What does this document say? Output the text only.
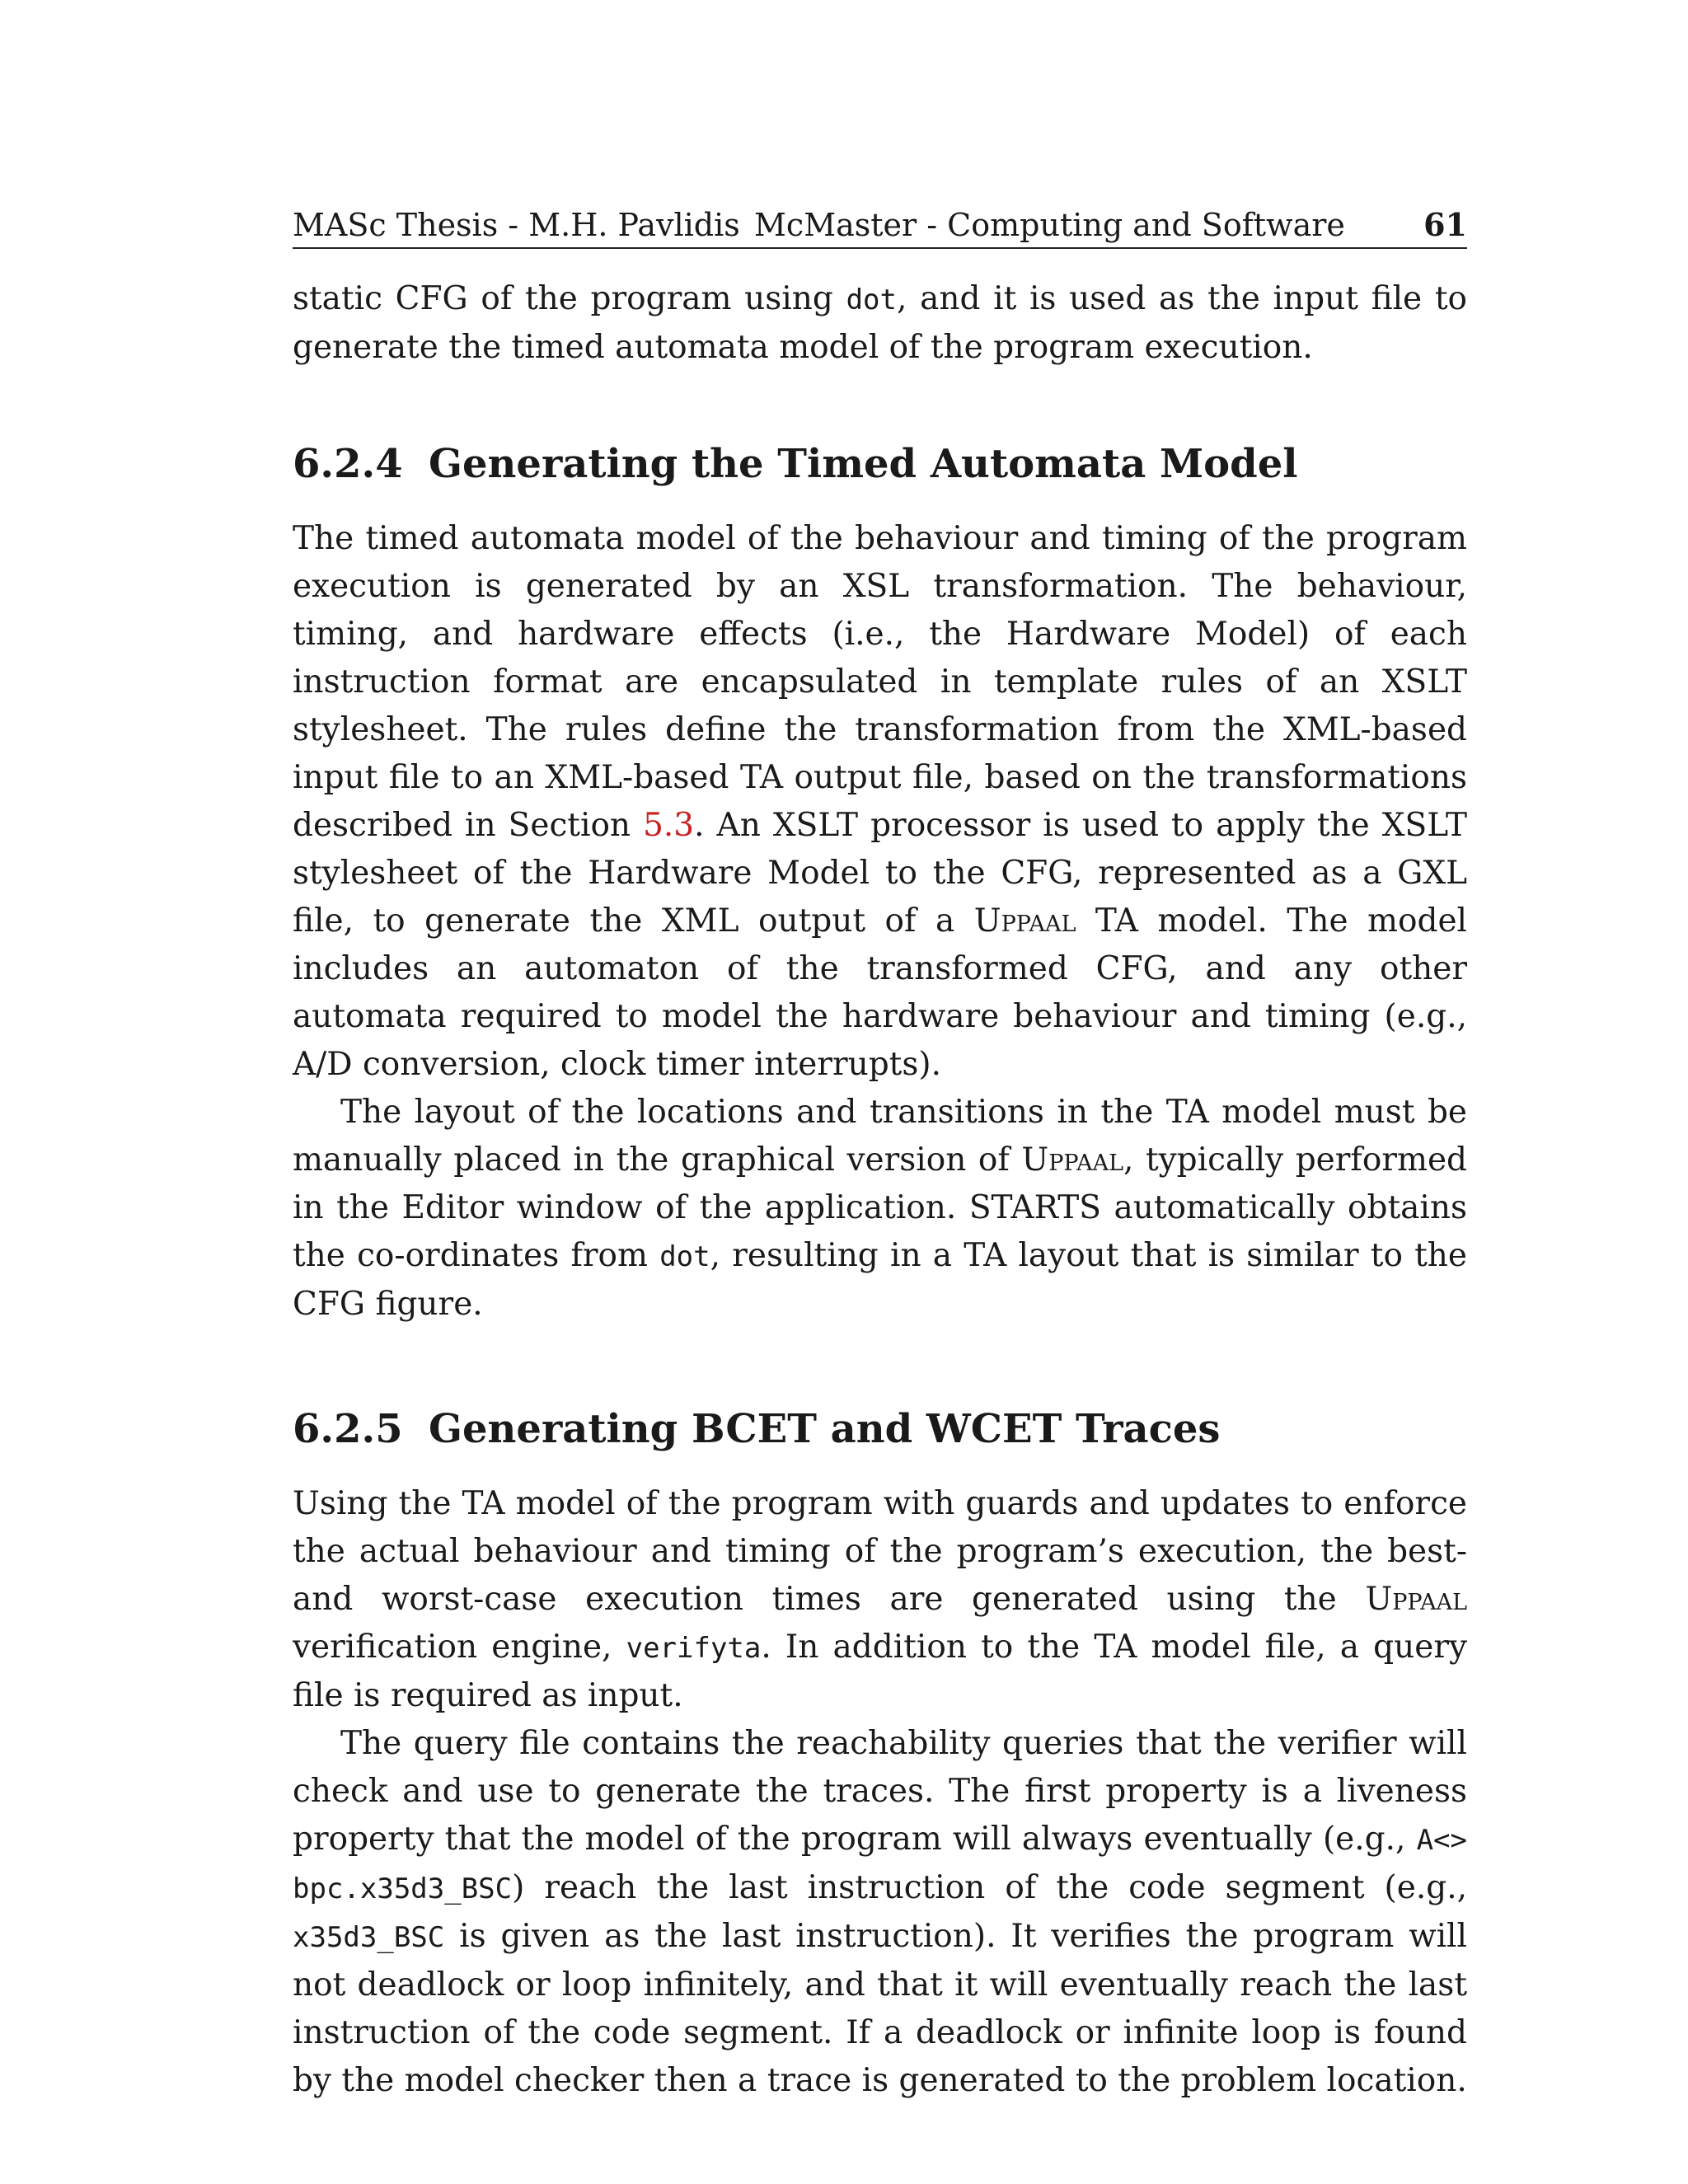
MASc Thesis - M.H. Pavlidis McMaster - Computing and Software	61

static CFG of the program using dot, and it is used as the input file to generate the timed automata model of the program execution.

6.2.4 Generating the Timed Automata Model

The timed automata model of the behaviour and timing of the program execution is generated by an XSL transformation. The behaviour, timing, and hardware effects (i.e., the Hardware Model) of each instruction format are encapsulated in template rules of an XSLT stylesheet. The rules define the transformation from the XML-based input file to an XML-based TA output file, based on the transformations described in Section 5.3. An XSLT processor is used to apply the XSLT stylesheet of the Hardware Model to the CFG, represented as a GXL file, to generate the XML output of a Uppaal TA model. The model includes an automaton of the transformed CFG, and any other automata required to model the hardware behaviour and timing (e.g., A/D conversion, clock timer interrupts).

The layout of the locations and transitions in the TA model must be manually placed in the graphical version of Uppaal, typically performed in the Editor window of the application. STARTS automatically obtains the co-ordinates from dot, resulting in a TA layout that is similar to the CFG figure.

6.2.5 Generating BCET and WCET Traces

Using the TA model of the program with guards and updates to enforce the actual behaviour and timing of the program’s execution, the best- and worst-case execution times are generated using the Uppaal verification engine, verifyta. In addition to the TA model file, a query file is required as input.

The query file contains the reachability queries that the verifier will check and use to generate the traces. The first property is a liveness property that the model of the program will always eventually (e.g., A<> bpc.x35d3_BSC) reach the last instruction of the code segment (e.g., x35d3_BSC is given as the last instruction). It verifies the program will not deadlock or loop infinitely, and that it will eventually reach the last instruction of the code segment. If a deadlock or infinite loop is found by the model checker then a trace is generated to the problem location.
